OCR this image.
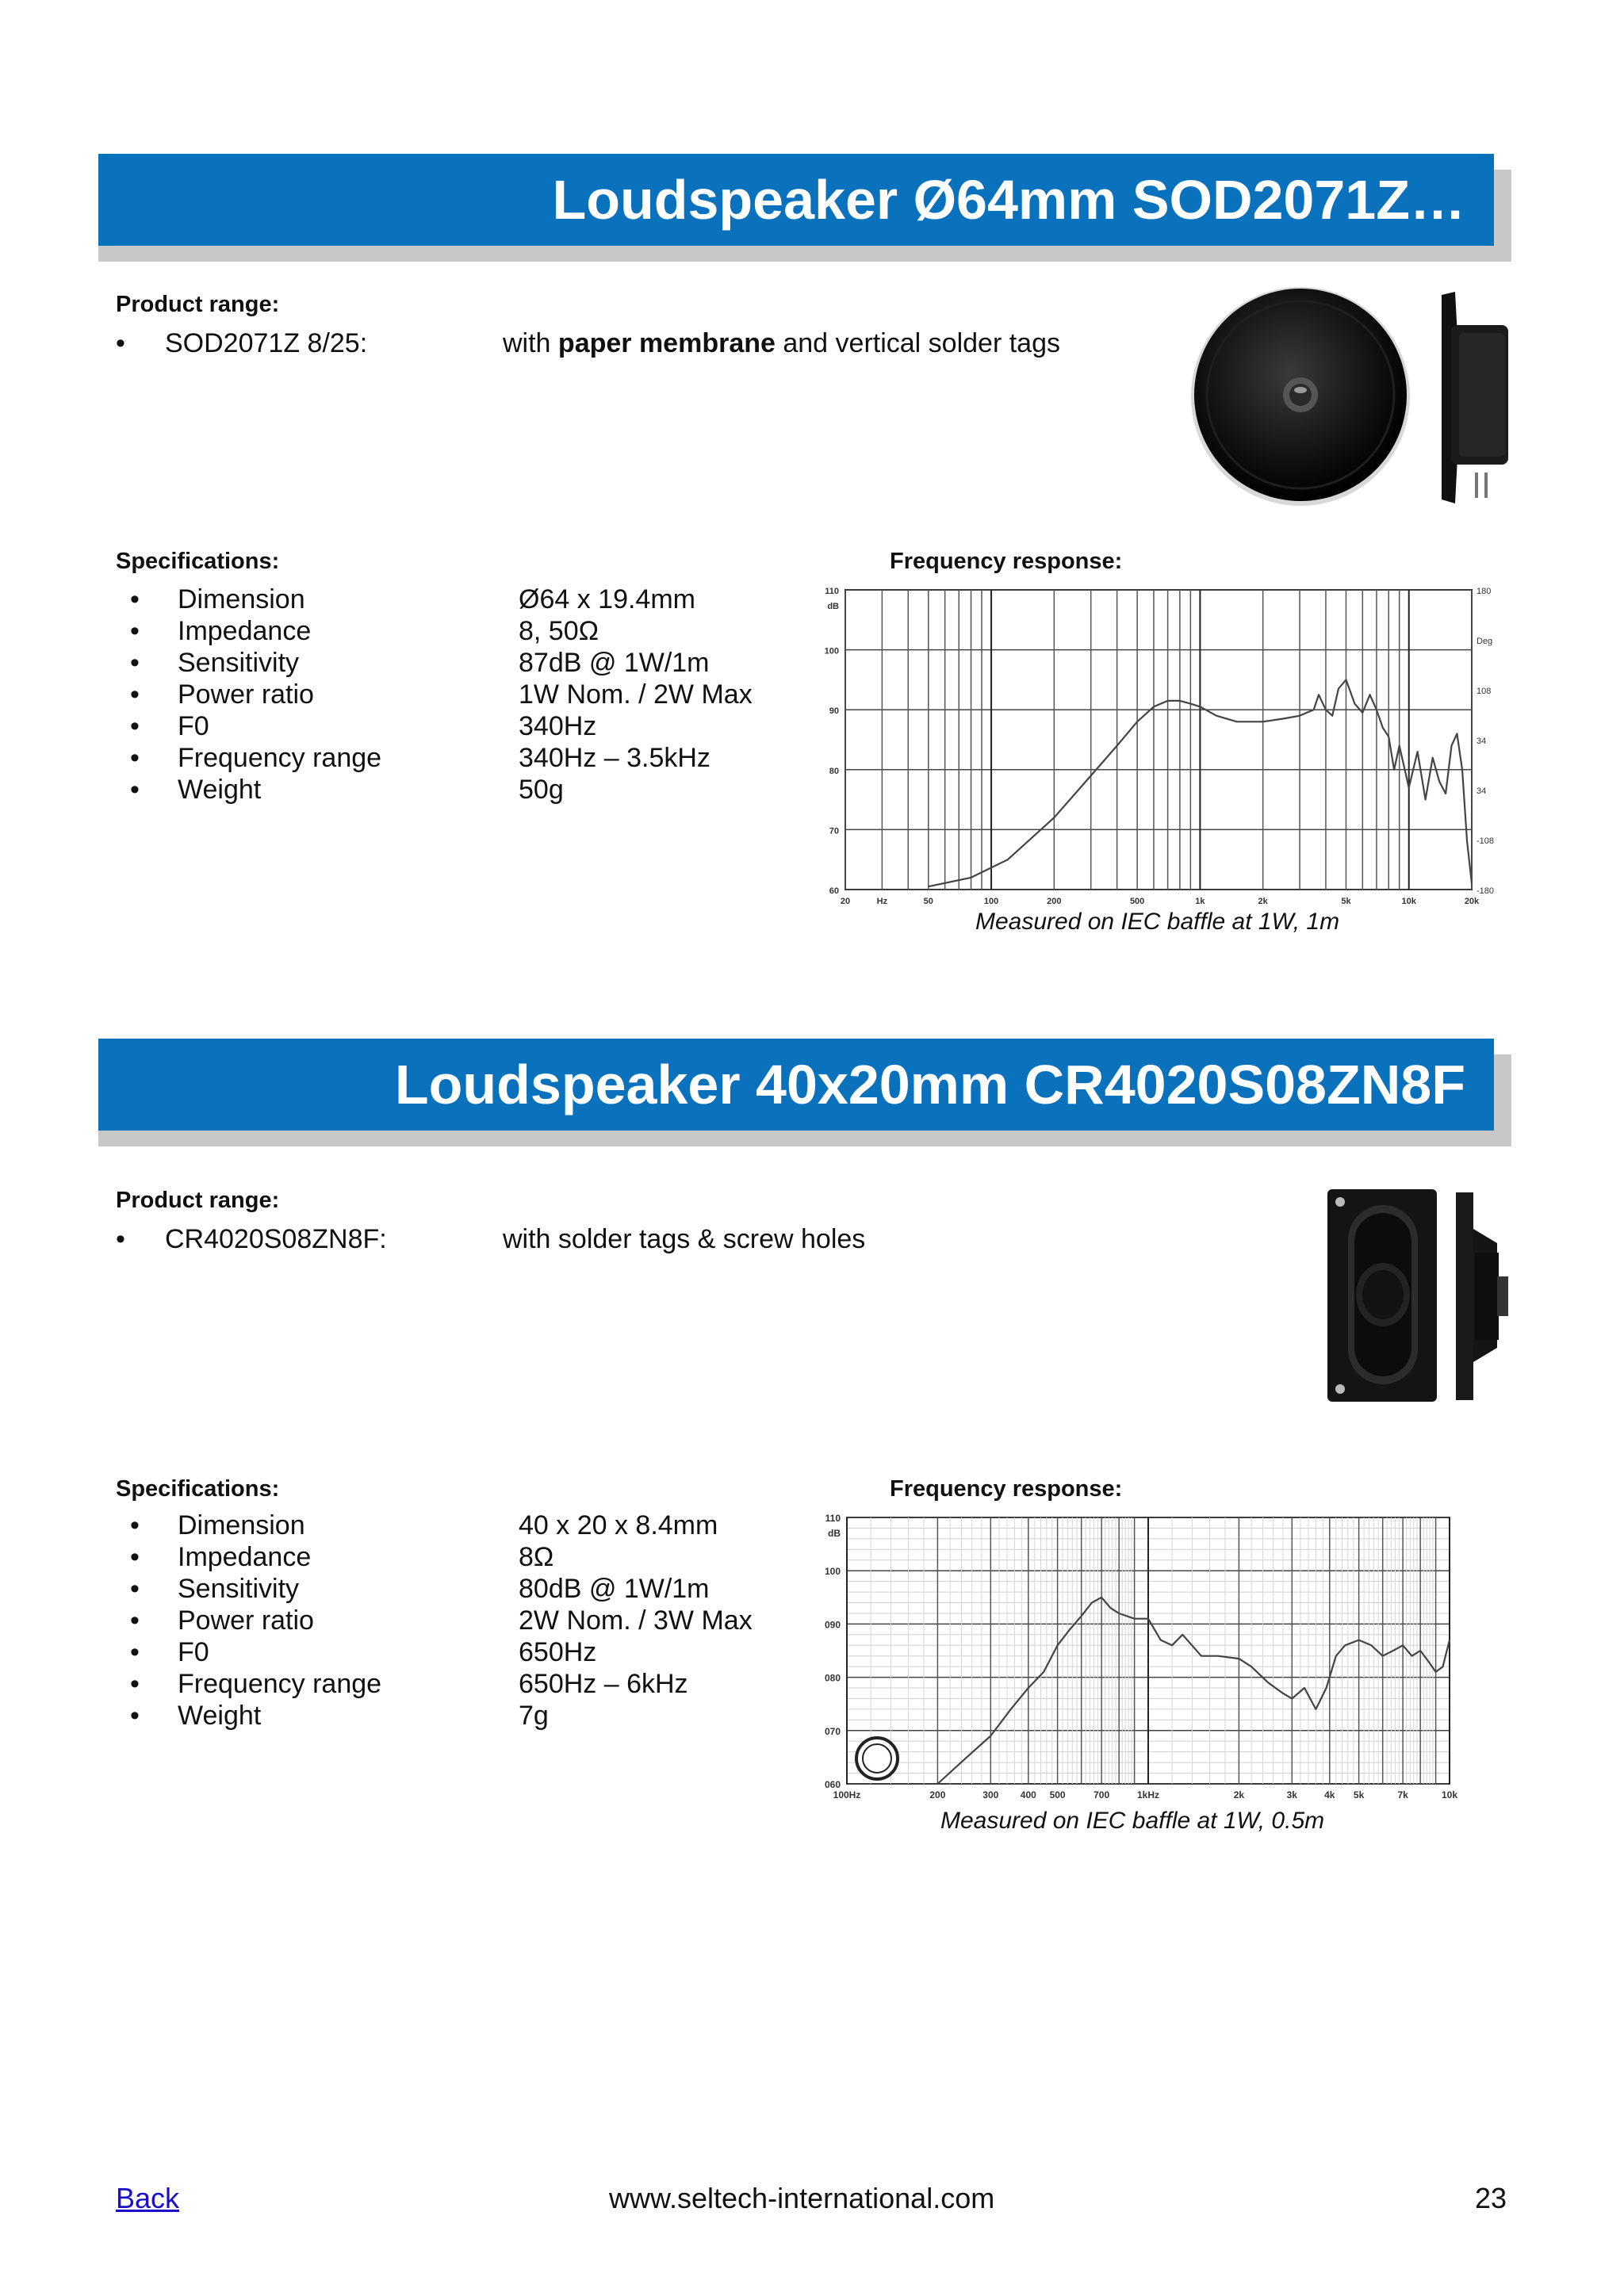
Loudspeaker Ø64mm SOD2071Z…
Product range:
• SOD2071Z 8/25:	with paper membrane and vertical solder tags
Specifications:
• Dimension	Ø64 x 19.4mm
• Impedance	8, 50Ω
• Sensitivity	87dB @ 1W/1m
• Power ratio	1W Nom. / 2W Max
• F0	340Hz
• Frequency range	340Hz – 3.5kHz
• Weight	50g
Frequency response:
110
100
90
80
70
60
dB
20	Hz	50	100	200	500	1k	2k	5k	10k	20k
180
Deg
108
34
34
-108
-180
Measured on IEC baffle at 1W, 1m
Loudspeaker 40x20mm CR4020S08ZN8F
Product range:
• CR4020S08ZN8F:	with solder tags & screw holes
Specifications:
• Dimension	40 x 20 x 8.4mm
• Impedance	8Ω
• Sensitivity	80dB @ 1W/1m
• Power ratio	2W Nom. / 3W Max
• F0	650Hz
• Frequency range	650Hz – 6kHz
• Weight	7g
Frequency response:
110
100
090
080
070
060
dB
100Hz	200	300 400 500	700	1kHz	2k	3k	4k 5k	7k	10k
Measured on IEC baffle at 1W, 0.5m
Back	www.seltech-international.com	23
